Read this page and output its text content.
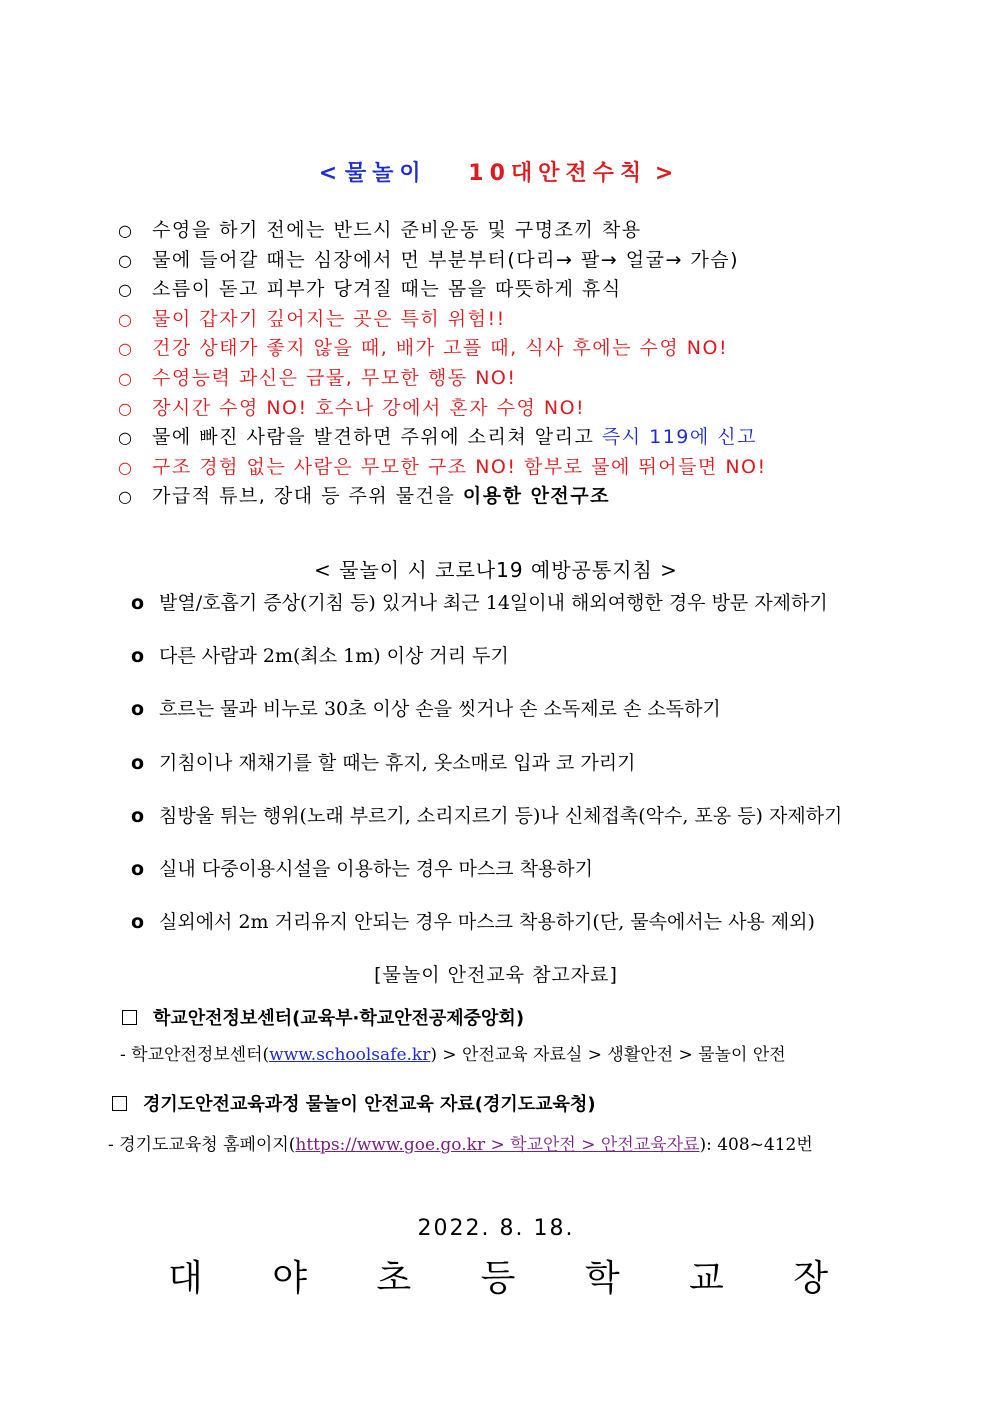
< 물놀이 10대안전수칙 >
○ 수영을 하기 전에는 반드시 준비운동 및 구명조끼 착용
○ 물에 들어갈 때는 심장에서 먼 부분부터(다리→ 팔→ 얼굴→ 가슴)
○ 소름이 돋고 피부가 당겨질 때는 몸을 따뜻하게 휴식
○ 물이 갑자기 깊어지는 곳은 특히 위험!!
○ 건강 상태가 좋지 않을 때, 배가 고플 때, 식사 후에는 수영 NO!
○ 수영능력 과신은 금물, 무모한 행동 NO!
○ 장시간 수영 NO! 호수나 강에서 혼자 수영 NO!
○ 물에 빠진 사람을 발견하면 주위에 소리쳐 알리고 즉시 119에 신고
○ 구조 경험 없는 사람은 무모한 구조 NO! 함부로 물에 뛰어들면 NO!
○ 가급적 튜브, 장대 등 주위 물건을 이용한 안전구조
< 물놀이 시 코로나19 예방공통지침 >
o 발열/호흡기 증상(기침 등) 있거나 최근 14일이내 해외여행한 경우 방문 자제하기
o 다른 사람과 2m(최소 1m) 이상 거리 두기
o 흐르는 물과 비누로 30초 이상 손을 씻거나 손 소독제로 손 소독하기
o 기침이나 재채기를 할 때는 휴지, 옷소매로 입과 코 가리기
o 침방울 튀는 행위(노래 부르기, 소리지르기 등)나 신체접촉(악수, 포옹 등) 자제하기
o 실내 다중이용시설을 이용하는 경우 마스크 착용하기
o 실외에서 2m 거리유지 안되는 경우 마스크 착용하기(단, 물속에서는 사용 제외)
[물놀이 안전교육 참고자료]
학교안전정보센터(교육부·학교안전공제중앙회)
- 학교안전정보센터(www.schoolsafe.kr) > 안전교육 자료실 > 생활안전 > 물놀이 안전
경기도안전교육과정 물놀이 안전교육 자료(경기도교육청)
- 경기도교육청 홈페이지(https://www.goe.go.kr > 학교안전 > 안전교육자료): 408~412번
2022. 8. 18.
대 야 초 등 학 교 장
